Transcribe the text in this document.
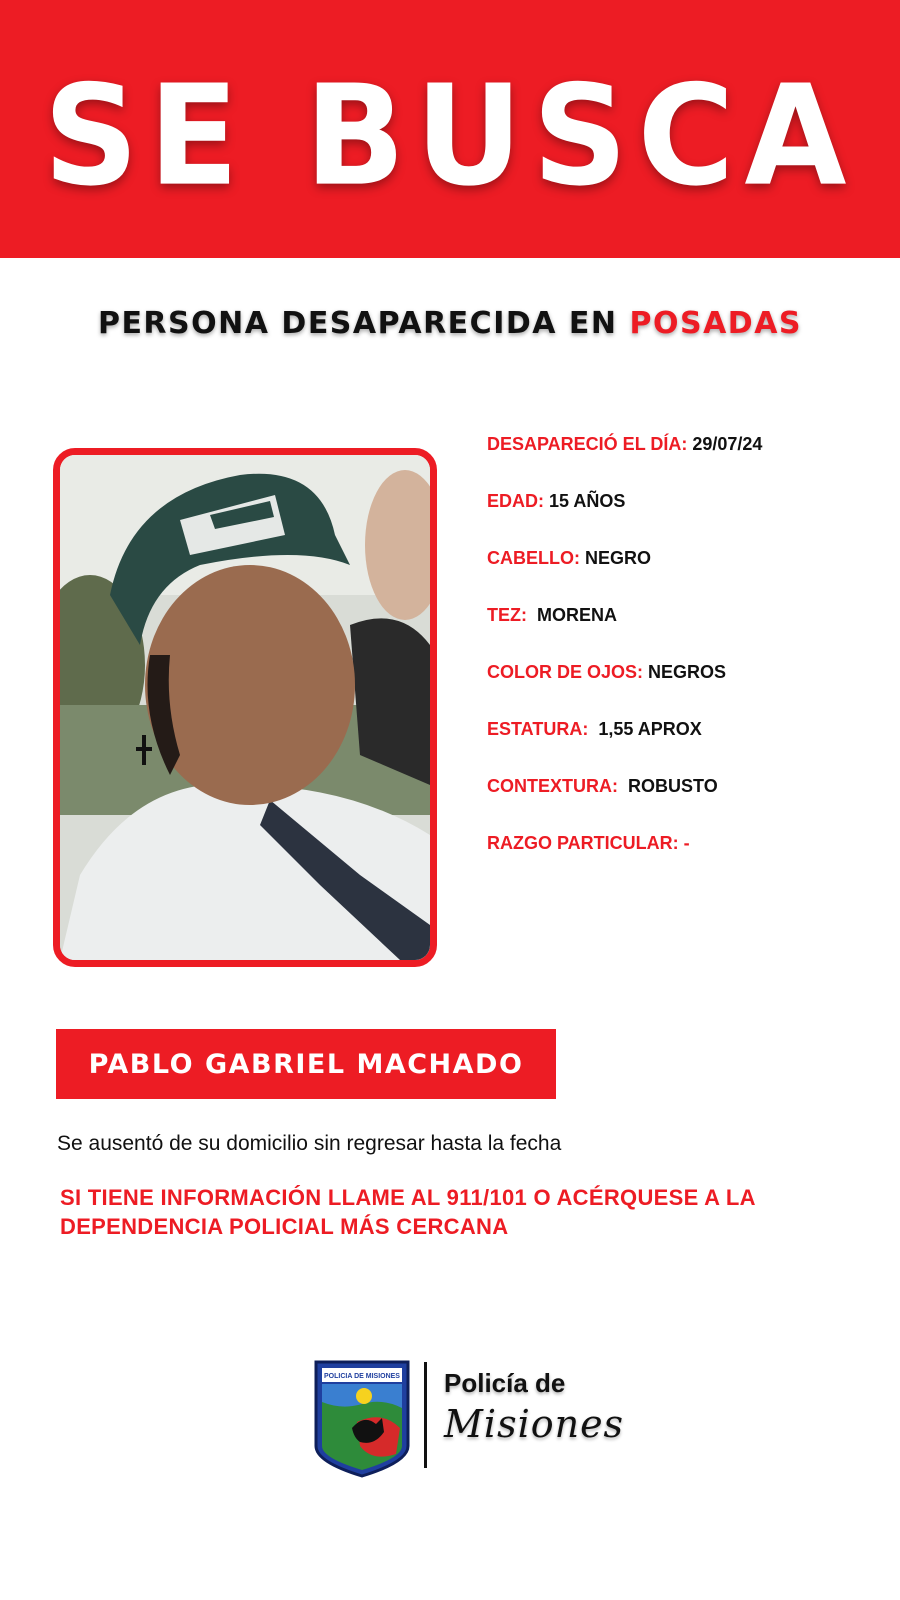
SE BUSCA
PERSONA DESAPARECIDA EN POSADAS
DESAPARECIÓ EL DÍA: 29/07/24
EDAD: 15 AÑOS
CABELLO: NEGRO
TEZ: MORENA
COLOR DE OJOS: NEGROS
ESTATURA: 1,55 APROX
CONTEXTURA: ROBUSTO
RAZGO PARTICULAR: -
PABLO GABRIEL MACHADO
Se ausentó de su domicilio sin regresar hasta la fecha
SI TIENE INFORMACIÓN LLAME AL 911/101 O ACÉRQUESE A LA
DEPENDENCIA POLICIAL MÁS CERCANA
POLICIA DE MISIONES Policía de
Misiones
